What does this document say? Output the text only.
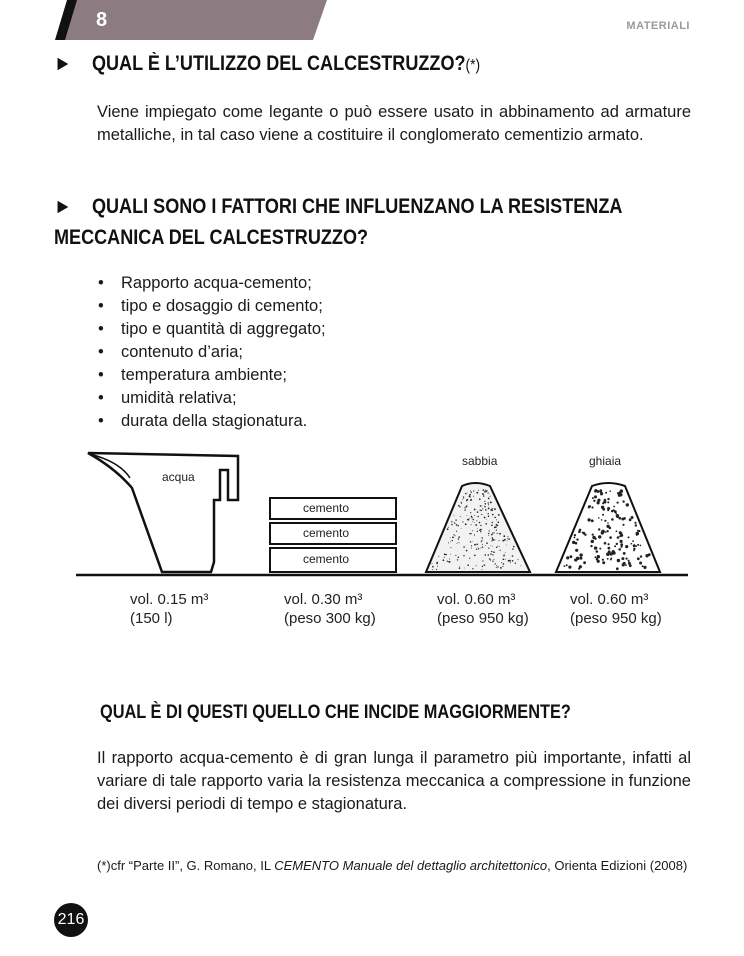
8	MATERIALI
► QUAL È L’UTILIZZO DEL CALCESTRUZZO?(*)
Viene impiegato come legante o può essere usato in abbinamento ad armature metalliche, in tal caso viene a costituire il conglomerato cementizio armato.
► QUALI SONO I FATTORI CHE INFLUENZANO LA RESISTENZA
MECCANICA DEL CALCESTRUZZO?
• Rapporto acqua-cemento;
• tipo e dosaggio di cemento;
• tipo e quantità di aggregato;
• contenuto d’aria;
• temperatura ambiente;
• umidità relativa;
• durata della stagionatura.
acqua
cemento
cemento
cemento
sabbia	ghiaia
vol. 0.15 m³
(150 l)
vol. 0.30 m³
(peso 300 kg)
vol. 0.60 m³
(peso 950 kg)
vol. 0.60 m³
(peso 950 kg)
QUAL È DI QUESTI QUELLO CHE INCIDE MAGGIORMENTE?
Il rapporto acqua-cemento è di gran lunga il parametro più importante, infatti al variare di tale rapporto varia la resistenza meccanica a compressione in funzione dei diversi periodi di tempo e stagionatura.
(*)cfr “Parte II”, G. Romano, IL CEMENTO Manuale del dettaglio architettonico, Orienta Edizioni (2008)
216
